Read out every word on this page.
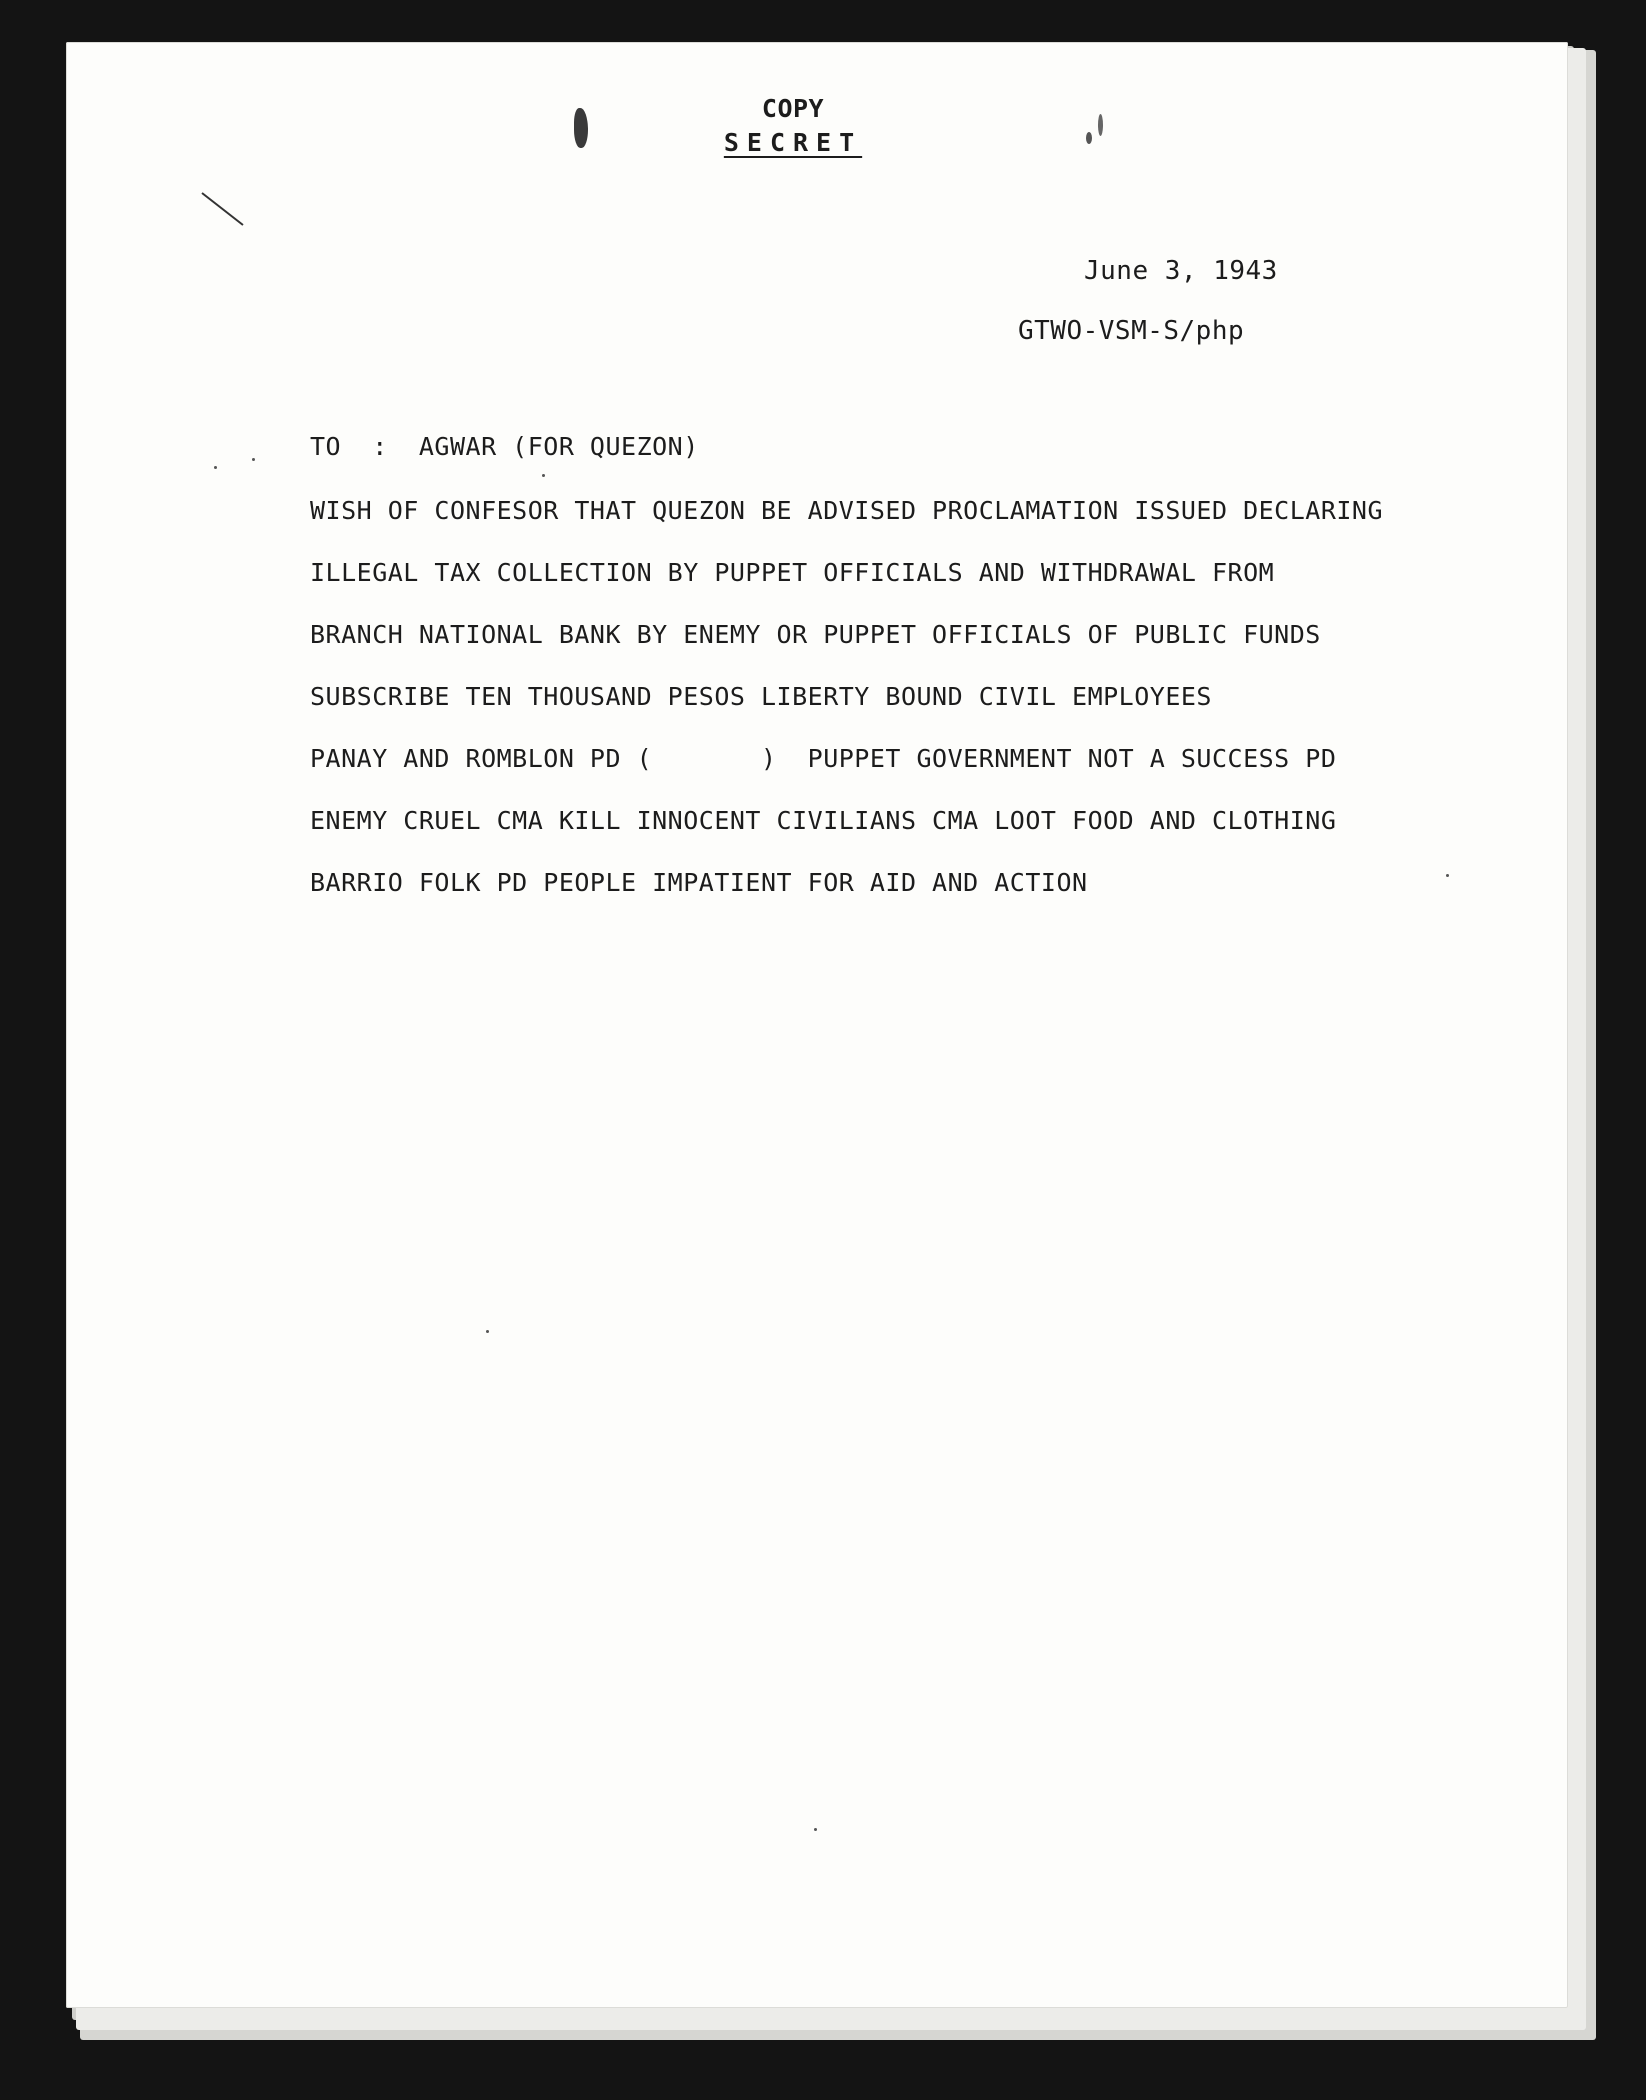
COPY
SECRET
June 3, 1943
GTWO-VSM-S/php
TO  :  AGWAR (FOR QUEZON)
WISH OF CONFESOR THAT QUEZON BE ADVISED PROCLAMATION ISSUED DECLARING
ILLEGAL TAX COLLECTION BY PUPPET OFFICIALS AND WITHDRAWAL FROM
BRANCH NATIONAL BANK BY ENEMY OR PUPPET OFFICIALS OF PUBLIC FUNDS
SUBSCRIBE TEN THOUSAND PESOS LIBERTY BOUND CIVIL EMPLOYEES
PANAY AND ROMBLON PD (       )  PUPPET GOVERNMENT NOT A SUCCESS PD
ENEMY CRUEL CMA KILL INNOCENT CIVILIANS CMA LOOT FOOD AND CLOTHING
BARRIO FOLK PD PEOPLE IMPATIENT FOR AID AND ACTION
